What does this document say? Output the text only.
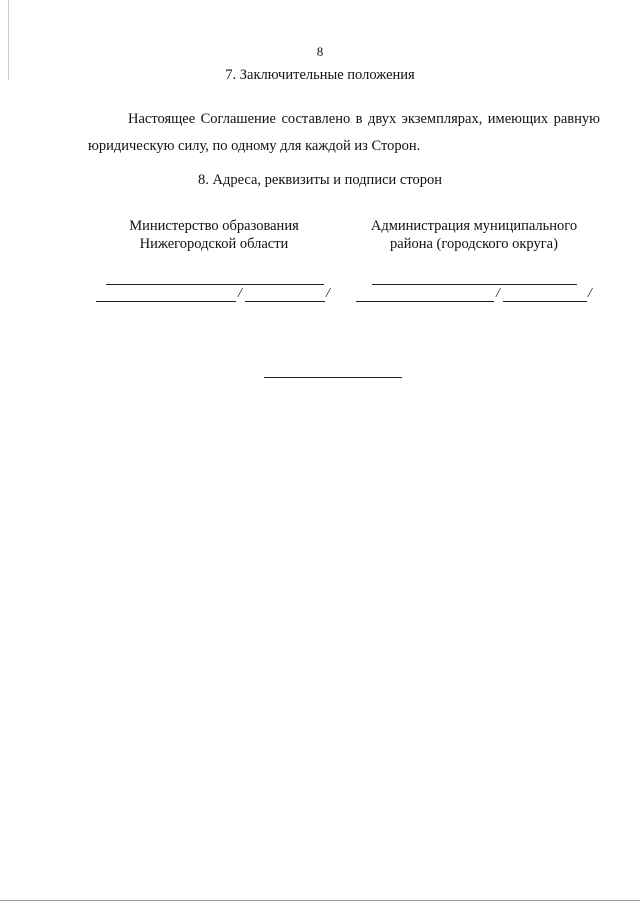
8
7. Заключительные положения

Настоящее Соглашение составлено в двух экземплярах, имеющих равную юридическую силу, по одному для каждой из Сторон.

8. Адреса, реквизиты и подписи сторон
Министерство образования
Нижегородской области
Администрация муниципального
района (городского округа)
/	/	/	/
